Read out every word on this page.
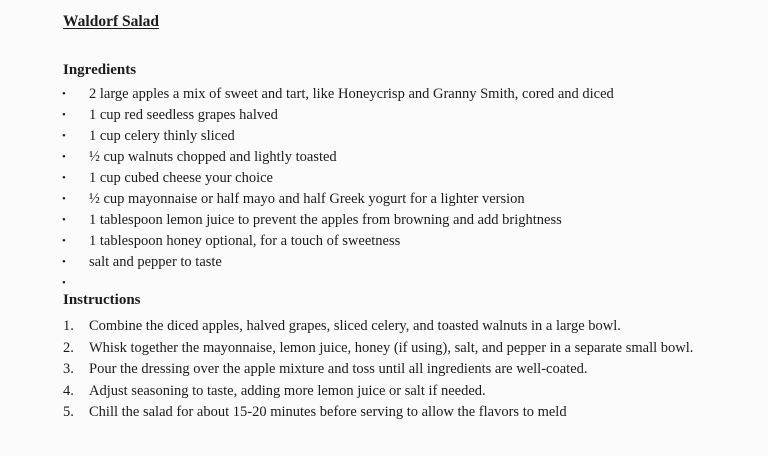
Waldorf Salad
Ingredients
• 2 large apples a mix of sweet and tart, like Honeycrisp and Granny Smith, cored and diced
• 1 cup red seedless grapes halved
• 1 cup celery thinly sliced
• ½ cup walnuts chopped and lightly toasted
• 1 cup cubed cheese your choice
• ½ cup mayonnaise or half mayo and half Greek yogurt for a lighter version
• 1 tablespoon lemon juice to prevent the apples from browning and add brightness
• 1 tablespoon honey optional, for a touch of sweetness
• salt and pepper to taste
•
Instructions
1. Combine the diced apples, halved grapes, sliced celery, and toasted walnuts in a large bowl.
2. Whisk together the mayonnaise, lemon juice, honey (if using), salt, and pepper in a separate small bowl.
3. Pour the dressing over the apple mixture and toss until all ingredients are well-coated.
4. Adjust seasoning to taste, adding more lemon juice or salt if needed.
5. Chill the salad for about 15-20 minutes before serving to allow the flavors to meld
